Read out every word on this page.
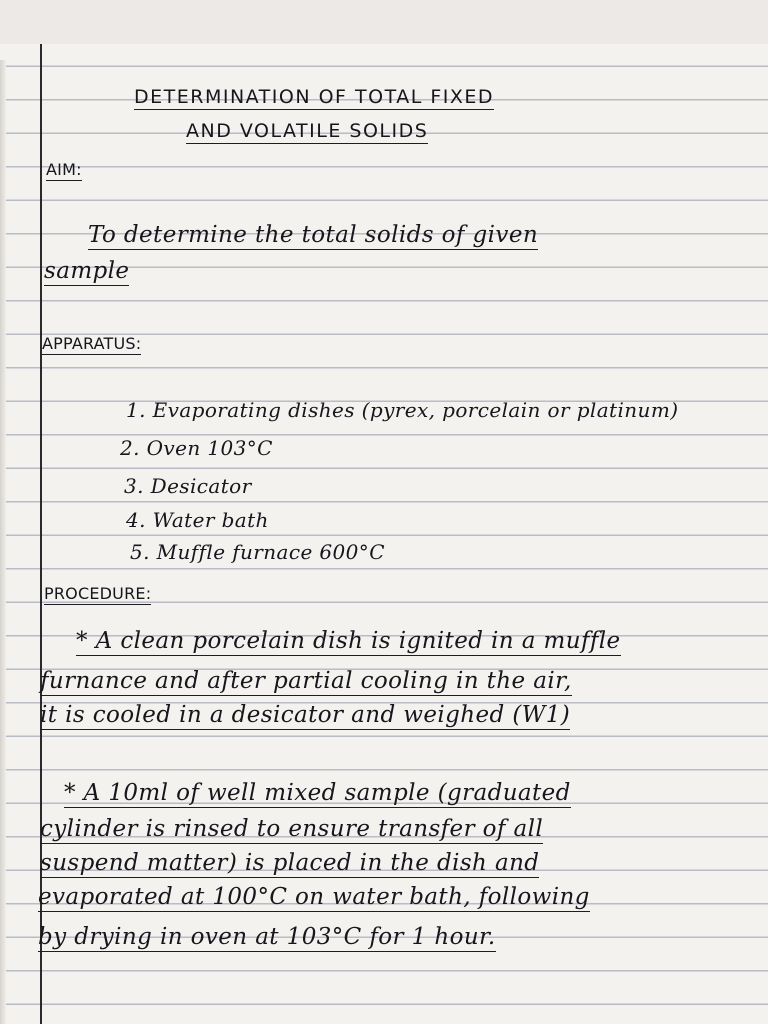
DETERMINATION OF TOTAL FIXED
AND VOLATILE SOLIDS
AIM:
To determine the total solids of given
sample
APPARATUS:
1. Evaporating dishes (pyrex, porcelain or platinum)
2. Oven 103°C
3. Desicator
4. Water bath
5. Muffle furnace 600°C
PROCEDURE:
* A clean porcelain dish is ignited in a muffle
furnance and after partial cooling in the air,
it is cooled in a desicator and weighed (W1)
* A 10ml of well mixed sample (graduated
cylinder is rinsed to ensure transfer of all
suspend matter) is placed in the dish and
evaporated at 100°C on water bath, following
by drying in oven at 103°C for 1 hour.
